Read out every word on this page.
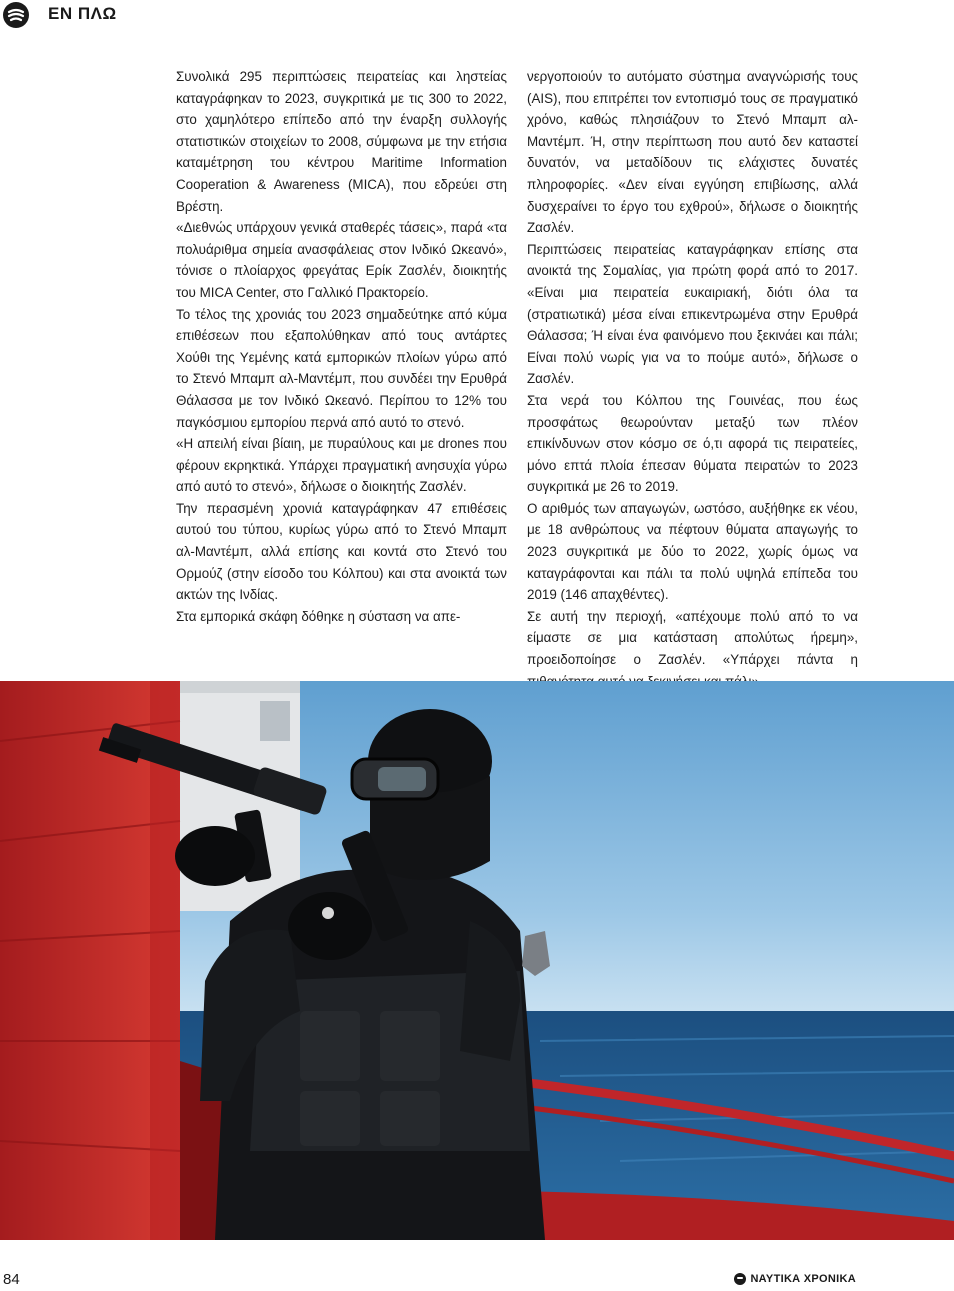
ΕΝ ΠΛΩ

Συνολικά 295 περιπτώσεις πειρατείας και ληστείας καταγράφηκαν το 2023, συγκριτικά με τις 300 το 2022, στο χαμηλότερο επίπεδο από την έναρξη συλλογής στατιστικών στοιχείων το 2008, σύμφωνα με την ετήσια καταμέτρηση του κέντρου Maritime Information Cooperation & Awareness (MICA), που εδρεύει στη Βρέστη.

«Διεθνώς υπάρχουν γενικά σταθερές τάσεις», παρά «τα πολυάριθμα σημεία ανασφάλειας στον Ινδικό Ωκεανό», τόνισε ο πλοίαρχος φρεγάτας Ερίκ Ζασλέν, διοικητής του MICA Center, στο Γαλλικό Πρακτορείο.

Το τέλος της χρονιάς του 2023 σημαδεύτηκε από κύμα επιθέσεων που εξαπολύθηκαν από τους αντάρτες Χούθι της Υεμένης κατά εμπορικών πλοίων γύρω από το Στενό Μπαμπ αλ-Μαντέμπ, που συνδέει την Ερυθρά Θάλασσα με τον Ινδικό Ωκεανό. Περίπου το 12% του παγκόσμιου εμπορίου περνά από αυτό το στενό.

«Η απειλή είναι βίαιη, με πυραύλους και με drones που φέρουν εκρηκτικά. Υπάρχει πραγματική ανησυχία γύρω από αυτό το στενό», δήλωσε ο διοικητής Ζασλέν.

Την περασμένη χρονιά καταγράφηκαν 47 επιθέσεις αυτού του τύπου, κυρίως γύρω από το Στενό Μπαμπ αλ-Μαντέμπ, αλλά επίσης και κοντά στο Στενό του Ορμούζ (στην είσοδο του Κόλπου) και στα ανοικτά των ακτών της Ινδίας.

Στα εμπορικά σκάφη δόθηκε η σύσταση να απε-

νεργοποιούν το αυτόματο σύστημα αναγνώρισής τους (AIS), που επιτρέπει τον εντοπισμό τους σε πραγματικό χρόνο, καθώς πλησιάζουν το Στενό Μπαμπ αλ-Μαντέμπ. Ή, στην περίπτωση που αυτό δεν καταστεί δυνατόν, να μεταδίδουν τις ελάχιστες δυνατές πληροφορίες. «Δεν είναι εγγύηση επιβίωσης, αλλά δυσχεραίνει το έργο του εχθρού», δήλωσε ο διοικητής Ζασλέν.

Περιπτώσεις πειρατείας καταγράφηκαν επίσης στα ανοικτά της Σομαλίας, για πρώτη φορά από το 2017. «Είναι μια πειρατεία ευκαιριακή, διότι όλα τα (στρατιωτικά) μέσα είναι επικεντρωμένα στην Ερυθρά Θάλασσα; Ή είναι ένα φαινόμενο που ξεκινάει και πάλι; Είναι πολύ νωρίς για να το πούμε αυτό», δήλωσε ο Ζασλέν.

Στα νερά του Κόλπου της Γουινέας, που έως προσφάτως θεωρούνταν μεταξύ των πλέον επικίνδυνων στον κόσμο σε ό,τι αφορά τις πειρατείες, μόνο επτά πλοία έπεσαν θύματα πειρατών το 2023 συγκριτικά με 26 το 2019.

Ο αριθμός των απαγωγών, ωστόσο, αυξήθηκε εκ νέου, με 18 ανθρώπους να πέφτουν θύματα απαγωγής το 2023 συγκριτικά με δύο το 2022, χωρίς όμως να καταγράφονται και πάλι τα πολύ υψηλά επίπεδα του 2019 (146 απαχθέντες).

Σε αυτή την περιοχή, «απέχουμε πολύ από το να είμαστε σε μια κατάσταση απολύτως ήρεμη», προειδοποίησε ο Ζασλέν. «Υπάρχει πάντα η

84	ΝΑΥΤΙΚΑ ΧΡΟΝΙΚΑ
